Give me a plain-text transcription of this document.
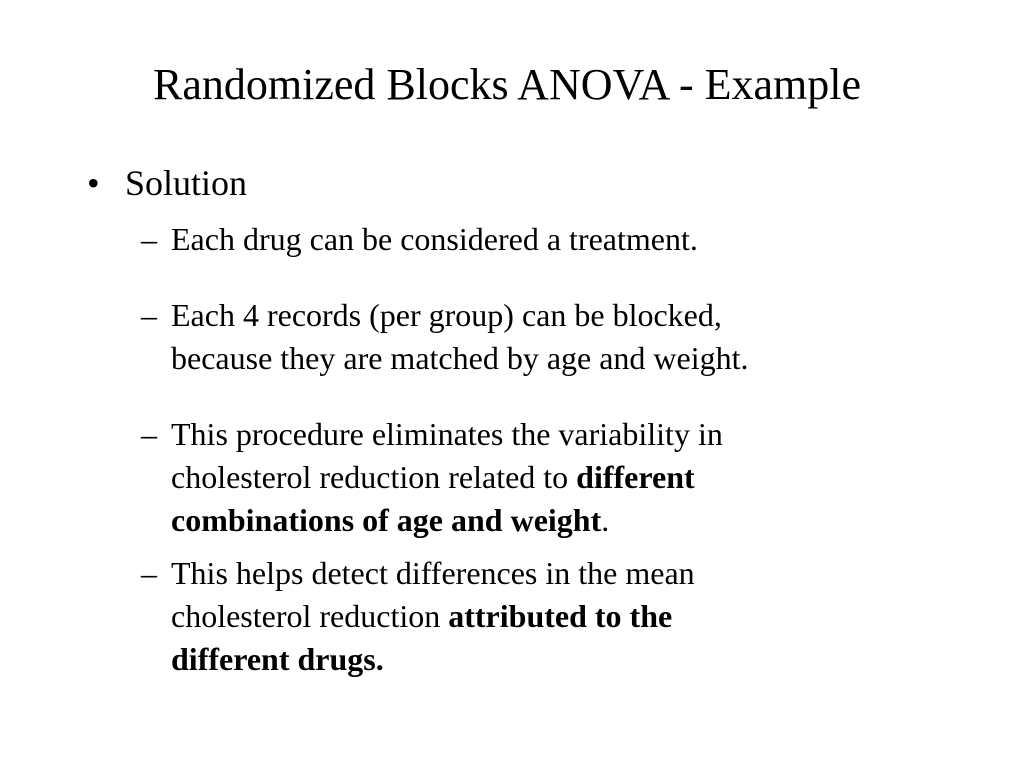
Randomized Blocks ANOVA - Example
• Solution
– Each drug can be considered a treatment.
– Each 4 records (per group) can be blocked,
because they are matched by age and weight.
– This procedure eliminates the variability in
cholesterol reduction related to different
combinations of age and weight.
– This helps detect differences in the mean
cholesterol reduction attributed to the
different drugs.
